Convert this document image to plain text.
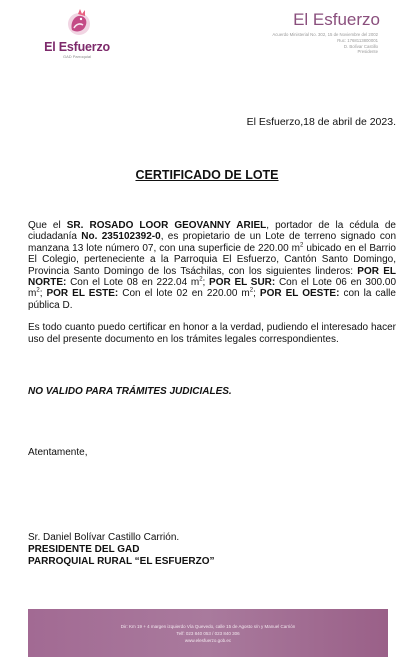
El Esfuerzo
GAD Parroquial
El Esfuerzo
Acuerdo Ministerial No. 302, 15 de Noviembre del 2002
Ruc: 1768113800001
D. Bolívar Castillo
Presidente
El Esfuerzo,18 de abril de 2023.
CERTIFICADO DE LOTE

Que el SR. ROSADO LOOR GEOVANNY ARIEL, portador de la cédula de ciudadanía No. 235102392-0, es propietario de un Lote de terreno signado con manzana 13 lote número 07, con una superficie de 220.00 $m^2$ ubicado en el Barrio El Colegio, perteneciente a la Parroquia El Esfuerzo, Cantón Santo Domingo, Provincia Santo Domingo de los Tsáchilas, con los siguientes linderos: POR EL NORTE: Con el Lote 08 en 222.04 $m^2$; POR EL SUR: Con el Lote 06 en 300.00 $m^2$; POR EL ESTE: Con el lote 02 en 220.00 $m^2$; POR EL OESTE: con la calle pública D.

Es todo cuanto puedo certificar en honor a la verdad, pudiendo el interesado hacer uso del presente documento en los trámites legales correspondientes.

NO VALIDO PARA TRÁMITES JUDICIALES.
Atentamente,
Sr. Daniel Bolívar Castillo Carrión.
PRESIDENTE DEL GAD
PARROQUIAL RURAL “EL ESFUERZO”
Dir: Km 19 + 4 margen izquierdo Vía Quevedo, calle 15 de Agosto s/n y Manuel Carrión
Telf: 023 840 053 / 023 840 306
www.elesfuerzo.gob.ec
